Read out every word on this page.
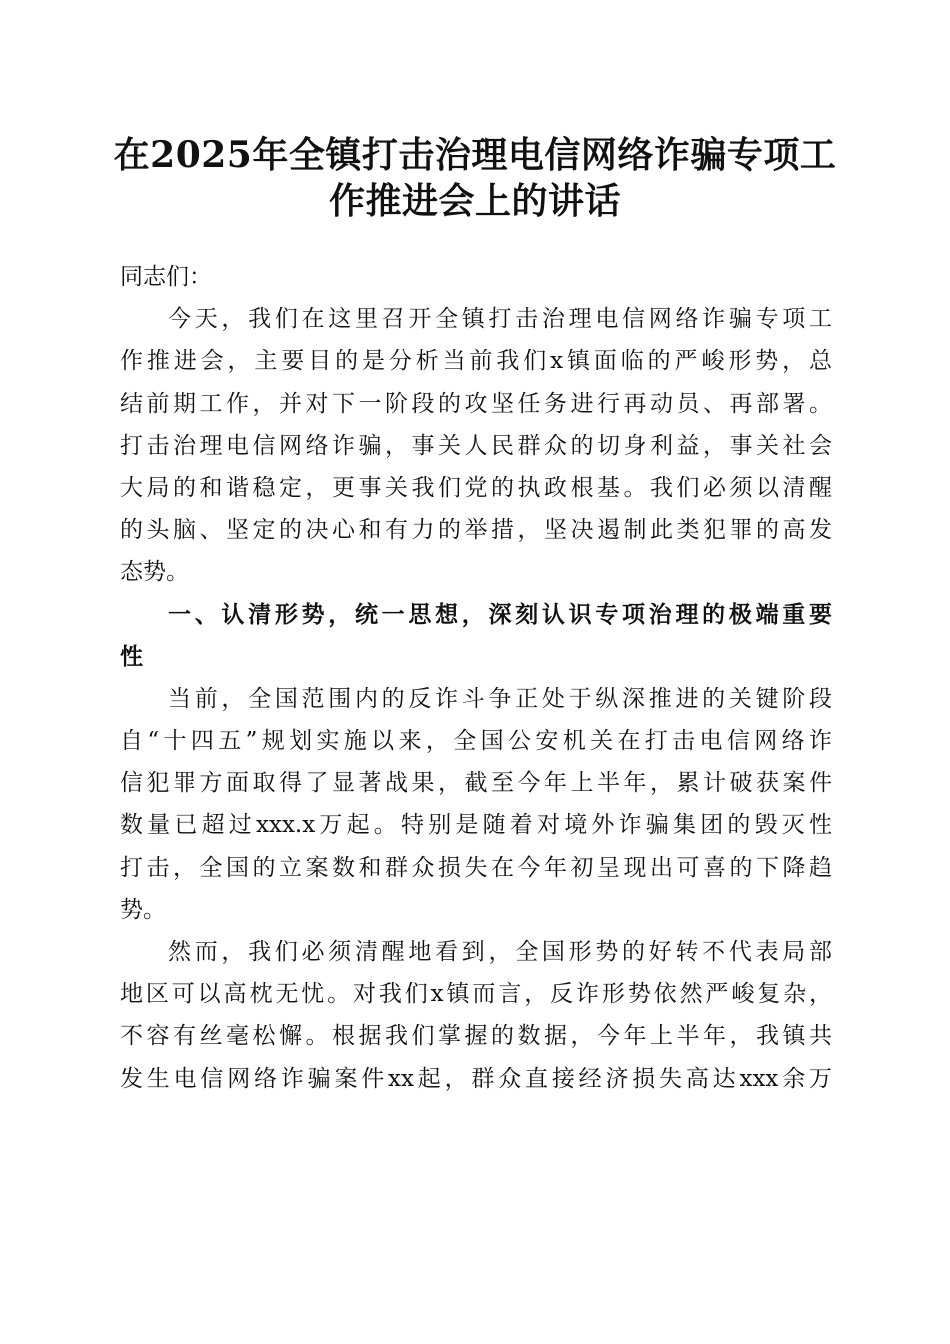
在2025年全镇打击治理电信网络诈骗专项工
作推进会上的讲话
同志们：
今天，我们在这里召开全镇打击治理电信网络诈骗专项工
作推进会，主要目的是分析当前我们x镇面临的严峻形势，总
结前期工作，并对下一阶段的攻坚任务进行再动员、再部署。
打击治理电信网络诈骗，事关人民群众的切身利益，事关社会
大局的和谐稳定，更事关我们党的执政根基。我们必须以清醒
的头脑、坚定的决心和有力的举措，坚决遏制此类犯罪的高发
态势。
一、认清形势，统一思想，深刻认识专项治理的极端重要
性
当前，全国范围内的反诈斗争正处于纵深推进的关键阶段
自“十四五”规划实施以来，全国公安机关在打击电信网络诈
信犯罪方面取得了显著战果，截至今年上半年，累计破获案件
数量已超过xxx.x万起。特别是随着对境外诈骗集团的毁灭性
打击，全国的立案数和群众损失在今年初呈现出可喜的下降趋
势。
然而，我们必须清醒地看到，全国形势的好转不代表局部
地区可以高枕无忧。对我们x镇而言，反诈形势依然严峻复杂，
不容有丝毫松懈。根据我们掌握的数据，今年上半年，我镇共
发生电信网络诈骗案件xx起，群众直接经济损失高达xxx余万
